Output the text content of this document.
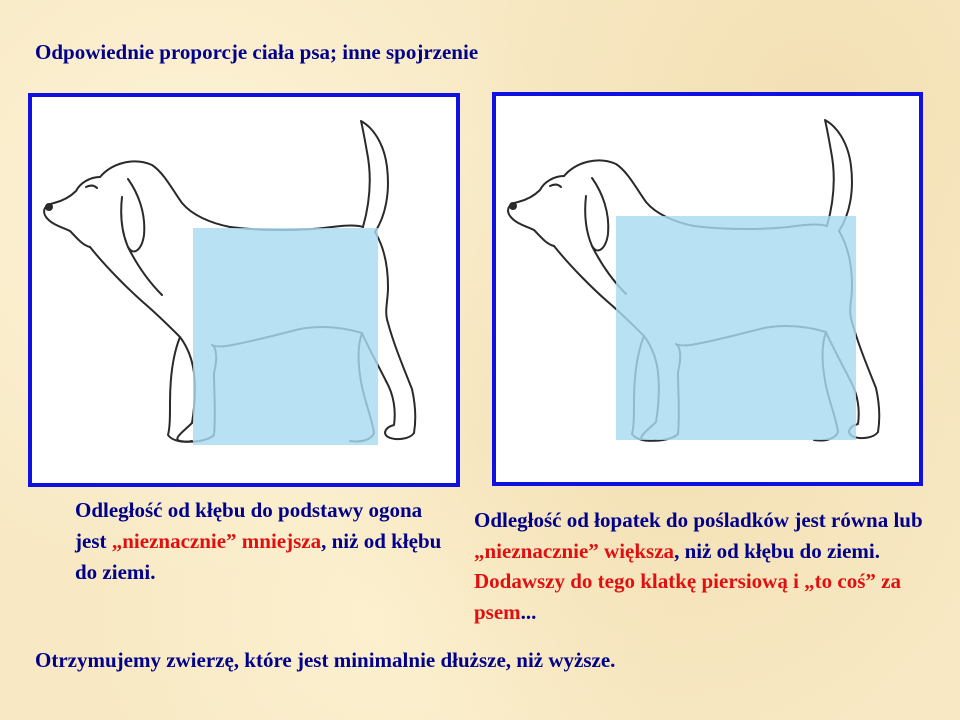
Odpowiednie proporcje ciała psa; inne spojrzenie

Odległość od kłębu do podstawy ogona jest „nieznacznie” mniejsza, niż od kłębu do ziemi.

Odległość od łopatek do pośladków jest równa lub „nieznacznie” większa, niż od kłębu do ziemi. Dodawszy do tego klatkę piersiową i „to coś” za psem...

Otrzymujemy zwierzę, które jest minimalnie dłuższe, niż wyższe.
